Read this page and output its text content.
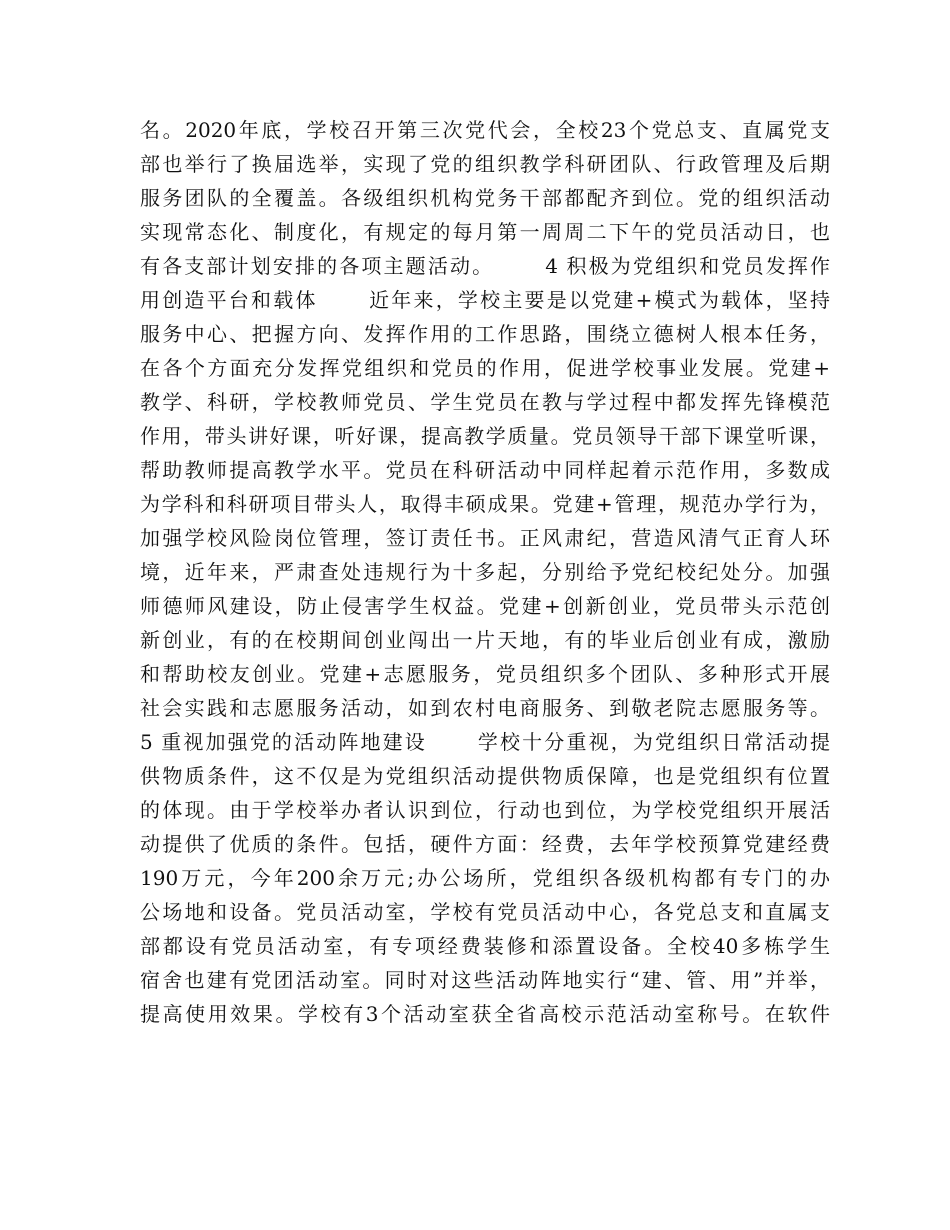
名。2020年底，学校召开第三次党代会，全校23个党总支、直属党支
部也举行了换届选举，实现了党的组织教学科研团队、行政管理及后期
服务团队的全覆盖。各级组织机构党务干部都配齐到位。党的组织活动
实现常态化、制度化，有规定的每月第一周周二下午的党员活动日，也
有各支部计划安排的各项主题活动。      4 积极为党组织和党员发挥作
用创造平台和载体      近年来，学校主要是以党建+模式为载体，坚持
服务中心、把握方向、发挥作用的工作思路，围绕立德树人根本任务，
在各个方面充分发挥党组织和党员的作用，促进学校事业发展。党建+
教学、科研，学校教师党员、学生党员在教与学过程中都发挥先锋模范
作用，带头讲好课，听好课，提高教学质量。党员领导干部下课堂听课，
帮助教师提高教学水平。党员在科研活动中同样起着示范作用，多数成
为学科和科研项目带头人，取得丰硕成果。党建+管理，规范办学行为，
加强学校风险岗位管理，签订责任书。正风肃纪，营造风清气正育人环
境，近年来，严肃查处违规行为十多起，分别给予党纪校纪处分。加强
师德师风建设，防止侵害学生权益。党建+创新创业，党员带头示范创
新创业，有的在校期间创业闯出一片天地，有的毕业后创业有成，激励
和帮助校友创业。党建+志愿服务，党员组织多个团队、多种形式开展
社会实践和志愿服务活动，如到农村电商服务、到敬老院志愿服务等。
5 重视加强党的活动阵地建设      学校十分重视，为党组织日常活动提
供物质条件，这不仅是为党组织活动提供物质保障，也是党组织有位置
的体现。由于学校举办者认识到位，行动也到位，为学校党组织开展活
动提供了优质的条件。包括，硬件方面：经费，去年学校预算党建经费
190万元，今年200余万元;办公场所，党组织各级机构都有专门的办
公场地和设备。党员活动室，学校有党员活动中心，各党总支和直属支
部都设有党员活动室，有专项经费装修和添置设备。全校40多栋学生
宿舍也建有党团活动室。同时对这些活动阵地实行“建、管、用”并举，
提高使用效果。学校有3个活动室获全省高校示范活动室称号。在软件
